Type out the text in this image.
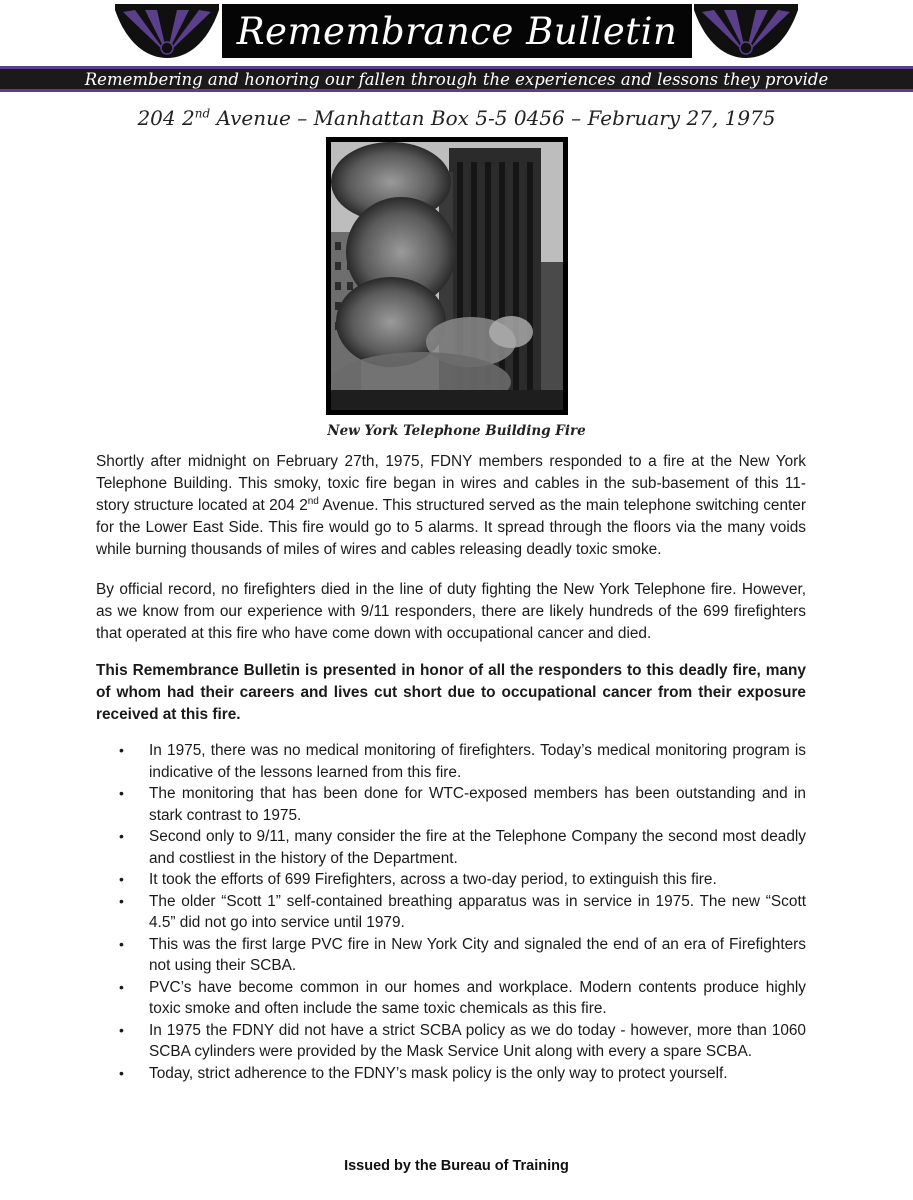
Remembrance Bulletin
Remembering and honoring our fallen through the experiences and lessons they provide
204 2nd Avenue – Manhattan Box 5-5 0456 – February 27, 1975
New York Telephone Building Fire

Shortly after midnight on February 27th, 1975, FDNY members responded to a fire at the New York Telephone Building. This smoky, toxic fire began in wires and cables in the sub-basement of this 11- story structure located at 204 2nd Avenue. This structured served as the main telephone switching center for the Lower East Side. This fire would go to 5 alarms. It spread through the floors via the many voids while burning thousands of miles of wires and cables releasing deadly toxic smoke.

By official record, no firefighters died in the line of duty fighting the New York Telephone fire. However, as we know from our experience with 9/11 responders, there are likely hundreds of the 699 firefighters that operated at this fire who have come down with occupational cancer and died.

This Remembrance Bulletin is presented in honor of all the responders to this deadly fire, many of whom had their careers and lives cut short due to occupational cancer from their exposure received at this fire.

• In 1975, there was no medical monitoring of firefighters. Today’s medical monitoring program is indicative of the lessons learned from this fire.
• The monitoring that has been done for WTC-exposed members has been outstanding and in stark contrast to 1975.
• Second only to 9/11, many consider the fire at the Telephone Company the second most deadly and costliest in the history of the Department.
• It took the efforts of 699 Firefighters, across a two-day period, to extinguish this fire.
• The older “Scott 1” self-contained breathing apparatus was in service in 1975. The new “Scott 4.5” did not go into service until 1979.
• This was the first large PVC fire in New York City and signaled the end of an era of Firefighters not using their SCBA.
• PVC’s have become common in our homes and workplace. Modern contents produce highly toxic smoke and often include the same toxic chemicals as this fire.
• In 1975 the FDNY did not have a strict SCBA policy as we do today - however, more than 1060 SCBA cylinders were provided by the Mask Service Unit along with every a spare SCBA.
• Today, strict adherence to the FDNY’s mask policy is the only way to protect yourself.
Issued by the Bureau of Training
